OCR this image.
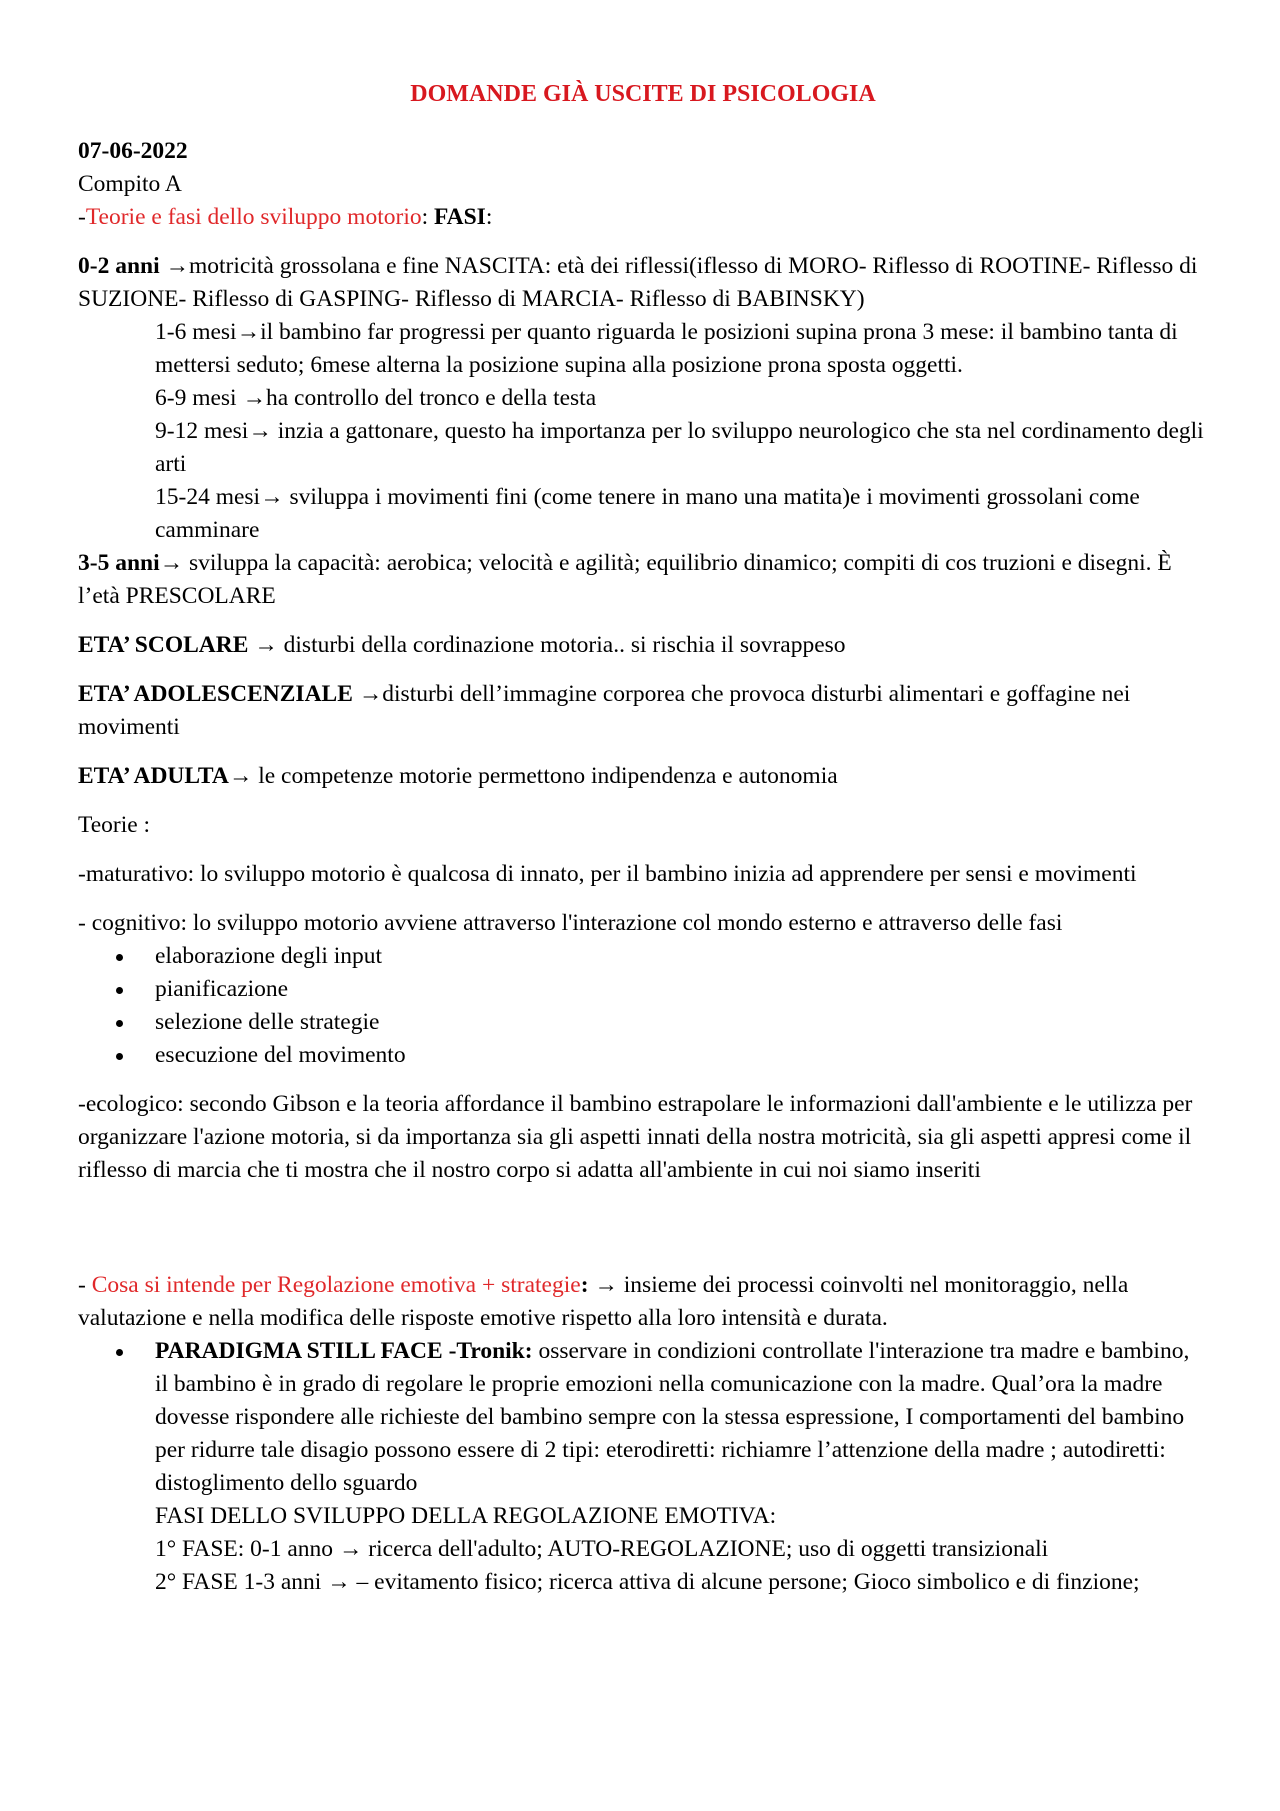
DOMANDE GIÀ USCITE DI PSICOLOGIA

07-06-2022

Compito A

-Teorie e fasi dello sviluppo motorio: FASI:

0-2 anni →motricità grossolana e fine NASCITA: età dei riflessi(iflesso di MORO- Riflesso di ROOTINE- Riflesso di SUZIONE- Riflesso di GASPING- Riflesso di MARCIA- Riflesso di BABINSKY)

1-6 mesi→il bambino far progressi per quanto riguarda le posizioni supina prona 3 mese: il bambino tanta di mettersi seduto; 6mese alterna la posizione supina alla posizione prona sposta oggetti.

6-9 mesi →ha controllo del tronco e della testa

9-12 mesi→ inzia a gattonare, questo ha importanza per lo sviluppo neurologico che sta nel cordinamento degli arti

15-24 mesi→ sviluppa i movimenti fini (come tenere in mano una matita)e i movimenti grossolani come camminare

3-5 anni→ sviluppa la capacità: aerobica; velocità e agilità; equilibrio dinamico; compiti di cos truzioni e disegni. È l’età PRESCOLARE

ETA’ SCOLARE → disturbi della cordinazione motoria.. si rischia il sovrappeso

ETA’ ADOLESCENZIALE →disturbi dell’immagine corporea che provoca disturbi alimentari e goffagine nei movimenti

ETA’ ADULTA→ le competenze motorie permettono indipendenza e autonomia

Teorie :

-maturativo: lo sviluppo motorio è qualcosa di innato, per il bambino inizia ad apprendere per sensi e movimenti

- cognitivo: lo sviluppo motorio avviene attraverso l'interazione col mondo esterno e attraverso delle fasi

elaborazione degli input
pianificazione
selezione delle strategie
esecuzione del movimento

-ecologico: secondo Gibson e la teoria affordance il bambino estrapolare le informazioni dall'ambiente e le utilizza per organizzare l'azione motoria, si da importanza sia gli aspetti innati della nostra motricità, sia gli aspetti appresi come il riflesso di marcia che ti mostra che il nostro corpo si adatta all'ambiente in cui noi siamo inseriti

- Cosa si intende per Regolazione emotiva + strategie: → insieme dei processi coinvolti nel monitoraggio, nella valutazione e nella modifica delle risposte emotive rispetto alla loro intensità e durata.

PARADIGMA STILL FACE -Tronik: osservare in condizioni controllate l'interazione tra madre e bambino, il bambino è in grado di regolare le proprie emozioni nella comunicazione con la madre. Qual’ora la madre dovesse rispondere alle richieste del bambino sempre con la stessa espressione, I comportamenti del bambino per ridurre tale disagio possono essere di 2 tipi: eterodiretti: richiamre l’attenzione della madre ; autodiretti: distoglimento dello sguardo
FASI DELLO SVILUPPO DELLA REGOLAZIONE EMOTIVA:
1° FASE: 0-1 anno → ricerca dell'adulto; AUTO-REGOLAZIONE; uso di oggetti transizionali
2° FASE 1-3 anni → – evitamento fisico; ricerca attiva di alcune persone; Gioco simbolico e di finzione;
